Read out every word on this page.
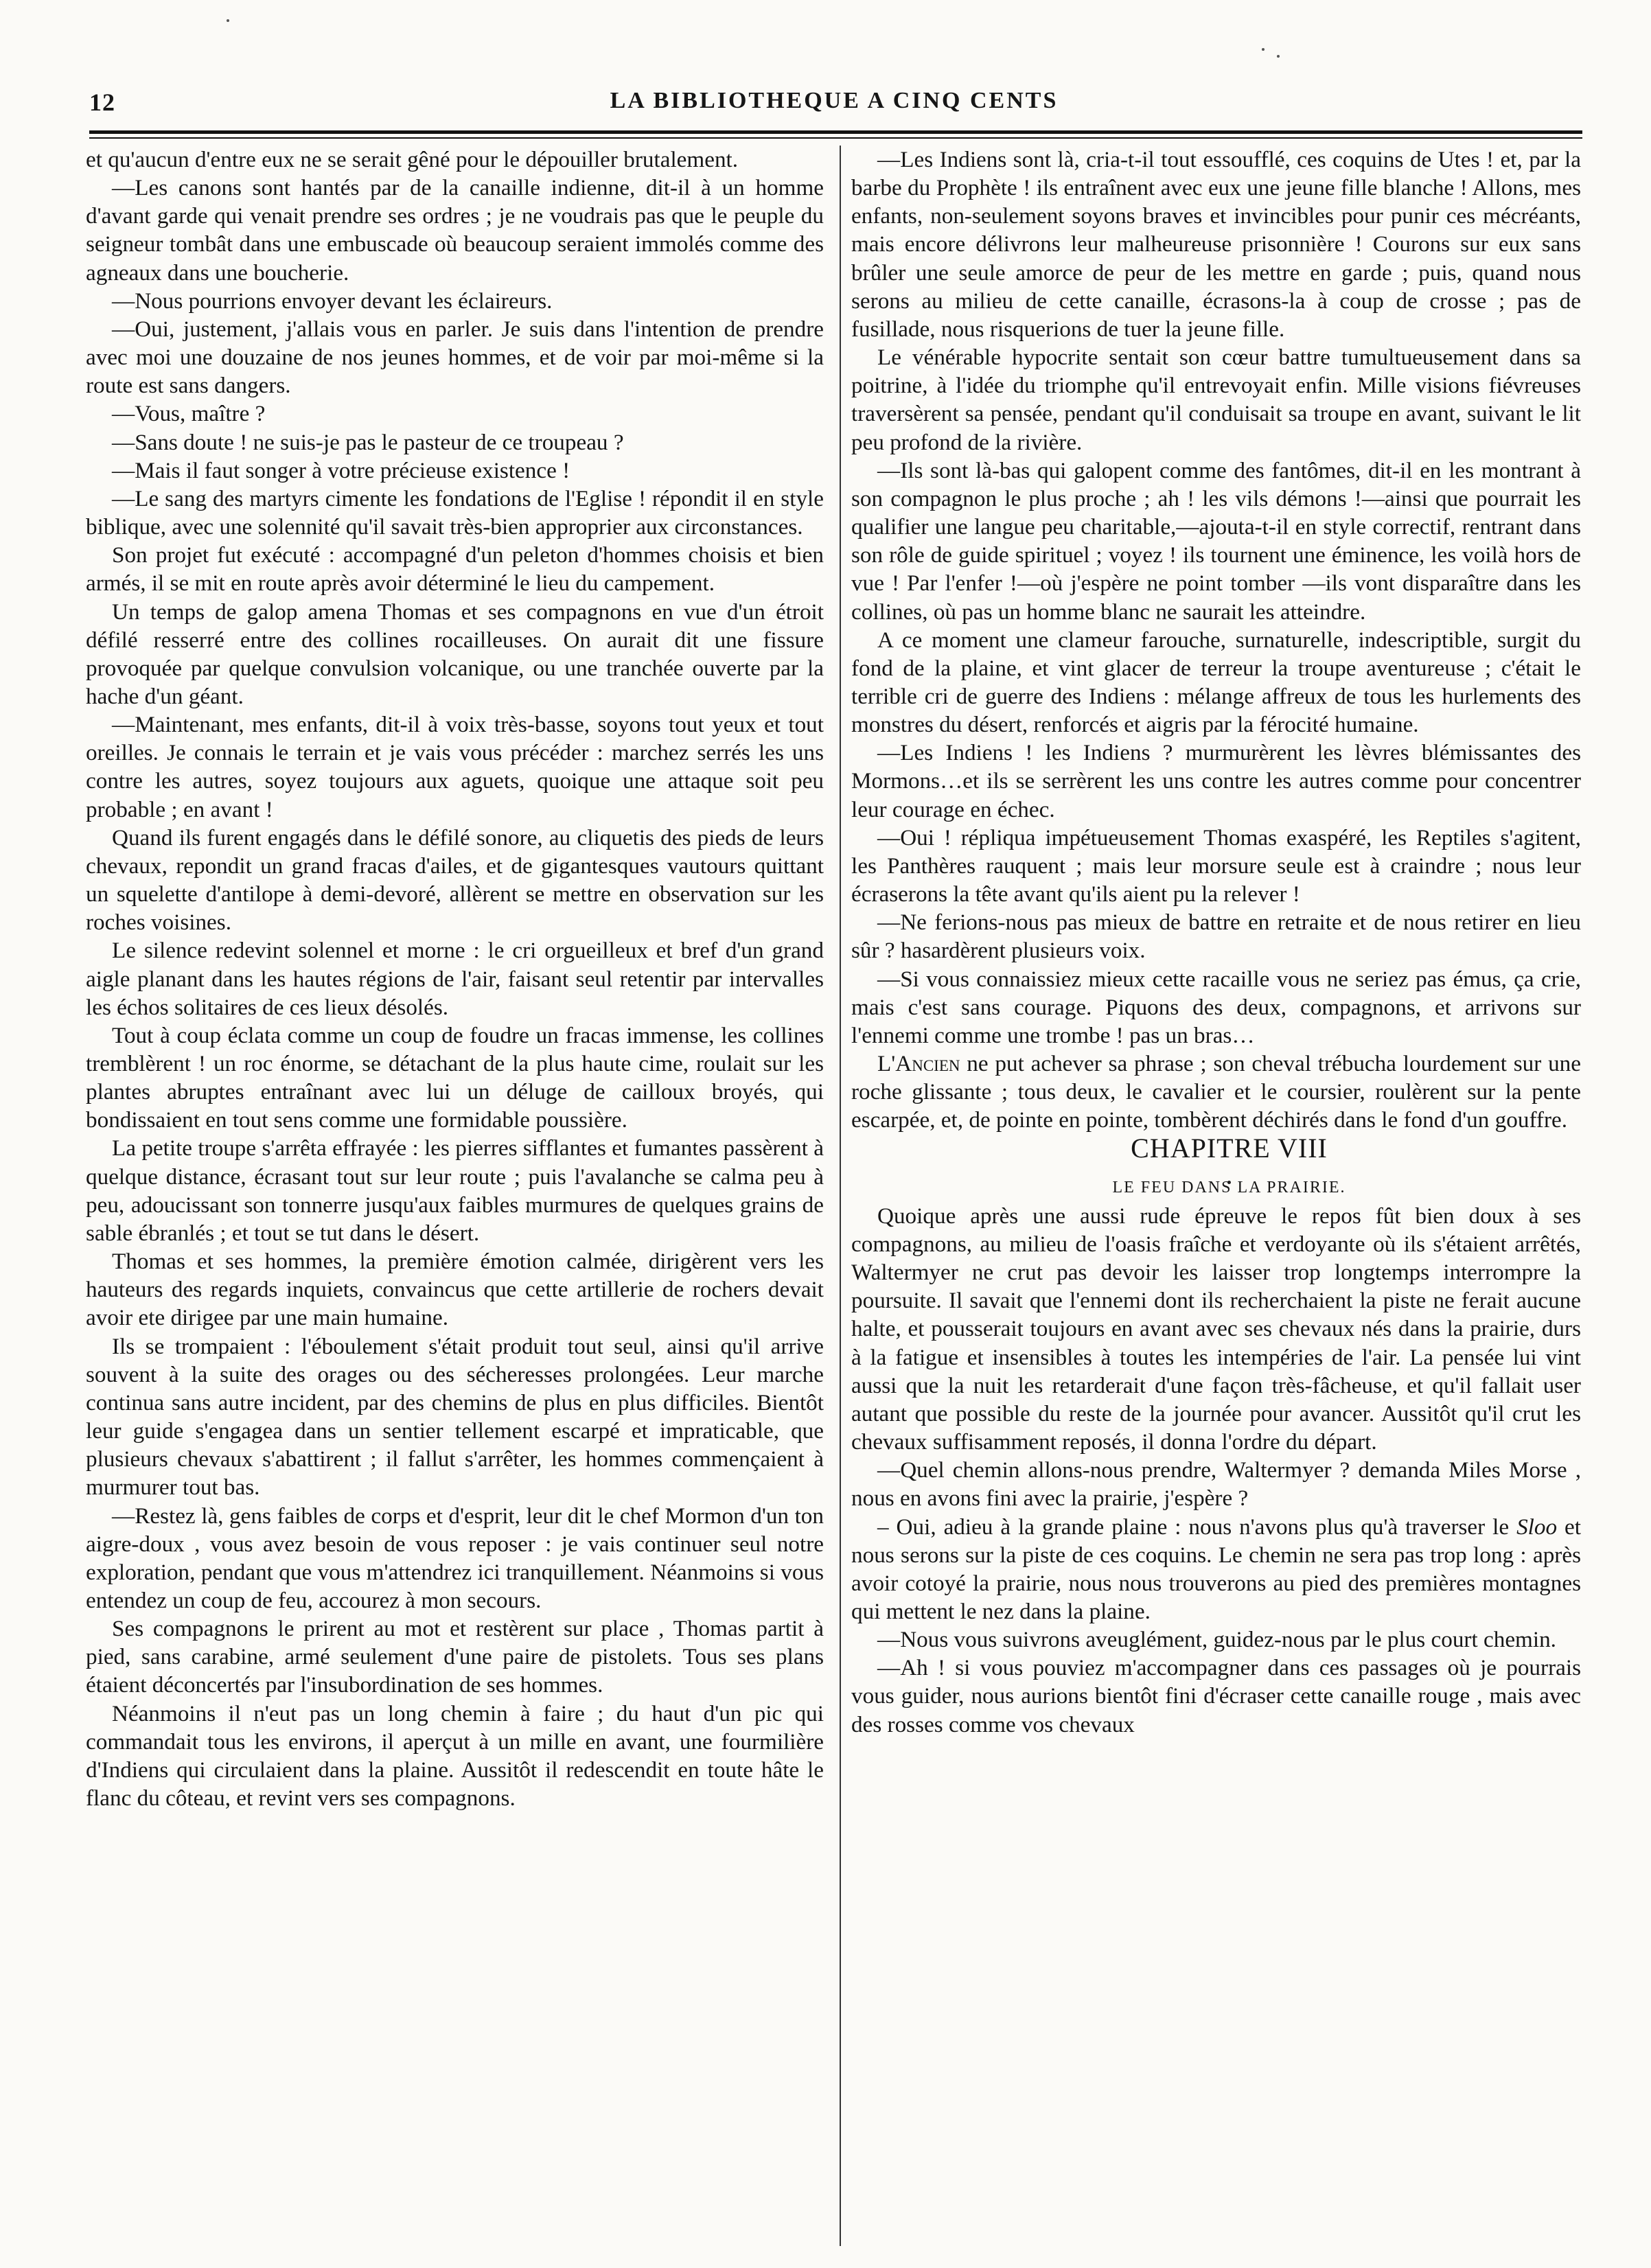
12	LA BIBLIOTHEQUE A CINQ CENTS

et qu'aucun d'entre eux ne se serait gêné pour le dépouiller brutalement.

—Les canons sont hantés par de la canaille indienne, dit-il à un homme d'avant garde qui venait prendre ses ordres ; je ne voudrais pas que le peuple du seigneur tombât dans une embuscade où beaucoup seraient immolés comme des agneaux dans une boucherie.

—Nous pourrions envoyer devant les éclaireurs.

—Oui, justement, j'allais vous en parler. Je suis dans l'intention de prendre avec moi une douzaine de nos jeunes hommes, et de voir par moi-même si la route est sans dangers.

—Vous, maître ?

—Sans doute ! ne suis-je pas le pasteur de ce troupeau ?

—Mais il faut songer à votre précieuse existence !

—Le sang des martyrs cimente les fondations de l'Eglise ! répondit il en style biblique, avec une solennité qu'il savait très-bien approprier aux circonstances.

Son projet fut exécuté : accompagné d'un peleton d'hommes choisis et bien armés, il se mit en route après avoir déterminé le lieu du campement.

Un temps de galop amena Thomas et ses compagnons en vue d'un étroit défilé resserré entre des collines rocailleuses. On aurait dit une fissure provoquée par quelque convulsion volcanique, ou une tranchée ouverte par la hache d'un géant.

—Maintenant, mes enfants, dit-il à voix très-basse, soyons tout yeux et tout oreilles. Je connais le terrain et je vais vous précéder : marchez serrés les uns contre les autres, soyez toujours aux aguets, quoique une attaque soit peu probable ; en avant !

Quand ils furent engagés dans le défilé sonore, au cliquetis des pieds de leurs chevaux, repondit un grand fracas d'ailes, et de gigantesques vautours quittant un squelette d'antilope à demi-devoré, allèrent se mettre en observation sur les roches voisines.

Le silence redevint solennel et morne : le cri orgueilleux et bref d'un grand aigle planant dans les hautes régions de l'air, faisant seul retentir par intervalles les échos solitaires de ces lieux désolés.

Tout à coup éclata comme un coup de foudre un fracas immense, les collines tremblèrent ! un roc énorme, se détachant de la plus haute cime, roulait sur les plantes abruptes entraînant avec lui un déluge de cailloux broyés, qui bondissaient en tout sens comme une formidable poussière.

La petite troupe s'arrêta effrayée : les pierres sifflantes et fumantes passèrent à quelque distance, écrasant tout sur leur route ; puis l'avalanche se calma peu à peu, adoucissant son tonnerre jusqu'aux faibles murmures de quelques grains de sable ébranlés ; et tout se tut dans le désert.

Thomas et ses hommes, la première émotion calmée, dirigèrent vers les hauteurs des regards inquiets, convaincus que cette artillerie de rochers devait avoir ete dirigee par une main humaine.

Ils se trompaient : l'éboulement s'était produit tout seul, ainsi qu'il arrive souvent à la suite des orages ou des sécheresses prolongées. Leur marche continua sans autre incident, par des chemins de plus en plus difficiles. Bientôt leur guide s'engagea dans un sentier tellement escarpé et impraticable, que plusieurs chevaux s'abattirent ; il fallut s'arrêter, les hommes commençaient à murmurer tout bas.

—Restez là, gens faibles de corps et d'esprit, leur dit le chef Mormon d'un ton aigre-doux , vous avez besoin de vous reposer : je vais continuer seul notre exploration, pendant que vous m'attendrez ici tranquillement. Néanmoins si vous entendez un coup de feu, accourez à mon secours.

Ses compagnons le prirent au mot et restèrent sur place , Thomas partit à pied, sans carabine, armé seulement d'une paire de pistolets. Tous ses plans étaient déconcertés par l'insubordination de ses hommes.

Néanmoins il n'eut pas un long chemin à faire ; du haut d'un pic qui commandait tous les environs, il aperçut à un mille en avant, une fourmilière d'Indiens qui circulaient dans la plaine. Aussitôt il redescendit en toute hâte le flanc du côteau, et revint vers ses compagnons.

—Les Indiens sont là, cria-t-il tout essoufflé, ces coquins de Utes ! et, par la barbe du Prophète ! ils entraînent avec eux une jeune fille blanche ! Allons, mes enfants, non-seulement soyons braves et invincibles pour punir ces mécréants, mais encore délivrons leur malheureuse prisonnière ! Courons sur eux sans brûler une seule amorce de peur de les mettre en garde ; puis, quand nous serons au milieu de cette canaille, écrasons-la à coup de crosse ; pas de fusillade, nous risquerions de tuer la jeune fille.

Le vénérable hypocrite sentait son cœur battre tumultueusement dans sa poitrine, à l'idée du triomphe qu'il entrevoyait enfin. Mille visions fiévreuses traversèrent sa pensée, pendant qu'il conduisait sa troupe en avant, suivant le lit peu profond de la rivière.

—Ils sont là-bas qui galopent comme des fantômes, dit-il en les montrant à son compagnon le plus proche ; ah ! les vils démons !—ainsi que pourrait les qualifier une langue peu charitable,—ajouta-t-il en style correctif, rentrant dans son rôle de guide spirituel ; voyez ! ils tournent une éminence, les voilà hors de vue ! Par l'enfer !—où j'espère ne point tomber —ils vont disparaître dans les collines, où pas un homme blanc ne saurait les atteindre.

A ce moment une clameur farouche, surnaturelle, indescriptible, surgit du fond de la plaine, et vint glacer de terreur la troupe aventureuse ; c'était le terrible cri de guerre des Indiens : mélange affreux de tous les hurlements des monstres du désert, renforcés et aigris par la férocité humaine.

—Les Indiens ! les Indiens ? murmurèrent les lèvres blémissantes des Mormons…et ils se serrèrent les uns contre les autres comme pour concentrer leur courage en échec.

—Oui ! répliqua impétueusement Thomas exaspéré, les Reptiles s'agitent, les Panthères rauquent ; mais leur morsure seule est à craindre ; nous leur écraserons la tête avant qu'ils aient pu la relever !

—Ne ferions-nous pas mieux de battre en retraite et de nous retirer en lieu sûr ? hasardèrent plusieurs voix.

—Si vous connaissiez mieux cette racaille vous ne seriez pas émus, ça crie, mais c'est sans courage. Piquons des deux, compagnons, et arrivons sur l'ennemi comme une trombe ! pas un bras…

L'Ancien ne put achever sa phrase ; son cheval trébucha lourdement sur une roche glissante ; tous deux, le cavalier et le coursier, roulèrent sur la pente escarpée, et, de pointe en pointe, tombèrent déchirés dans le fond d'un gouffre.

CHAPITRE VIII

LE FEU DANS LA PRAIRIE.

Quoique après une aussi rude épreuve le repos fût bien doux à ses compagnons, au milieu de l'oasis fraîche et verdoyante où ils s'étaient arrêtés, Waltermyer ne crut pas devoir les laisser trop longtemps interrompre la poursuite. Il savait que l'ennemi dont ils recherchaient la piste ne ferait aucune halte, et pousserait toujours en avant avec ses chevaux nés dans la prairie, durs à la fatigue et insensibles à toutes les intempéries de l'air. La pensée lui vint aussi que la nuit les retarderait d'une façon très-fâcheuse, et qu'il fallait user autant que possible du reste de la journée pour avancer. Aussitôt qu'il crut les chevaux suffisamment reposés, il donna l'ordre du départ.

—Quel chemin allons-nous prendre, Waltermyer ? demanda Miles Morse , nous en avons fini avec la prairie, j'espère ?

– Oui, adieu à la grande plaine : nous n'avons plus qu'à traverser le Sloo et nous serons sur la piste de ces coquins. Le chemin ne sera pas trop long : après avoir cotoyé la prairie, nous nous trouverons au pied des premières montagnes qui mettent le nez dans la plaine.

—Nous vous suivrons aveuglément, guidez-nous par le plus court chemin.

—Ah ! si vous pouviez m'accompagner dans ces passages où je pourrais vous guider, nous aurions bientôt fini d'écraser cette canaille rouge , mais avec des rosses comme vos chevaux
